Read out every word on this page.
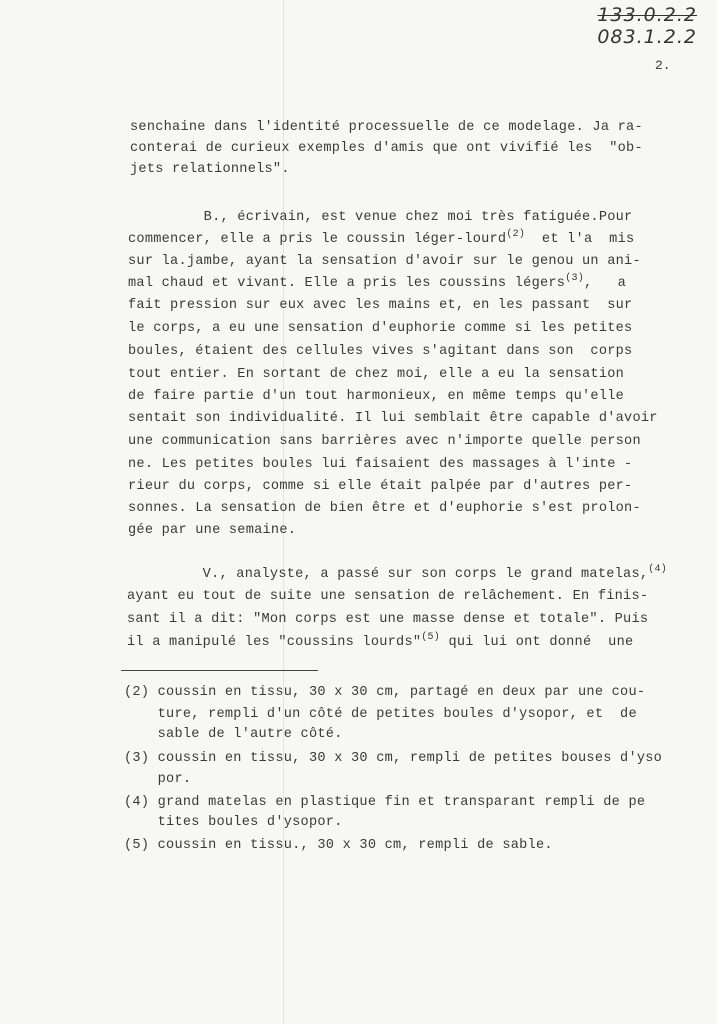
133.0.2.2
083.1.2.2
2.
senchaine dans l'identité processuelle de ce modelage. Ja ra-
conterai de curieux exemples d'amis que ont vivifié les  "ob-
jets relationnels".
B., écrivain, est venue chez moi très fatiguée.Pour
commencer, elle a pris le coussin léger-lourd$^{(2)}$  et l'a  mis
sur la.jambe, ayant la sensation d'avoir sur le genou un ani-
mal chaud et vivant. Elle a pris les coussins légers$^{(3)}$,   a
fait pression sur eux avec les mains et, en les passant  sur
le corps, a eu une sensation d'euphorie comme si les petites
boules, étaient des cellules vives s'agitant dans son  corps
tout entier. En sortant de chez moi, elle a eu la sensation
de faire partie d'un tout harmonieux, en même temps qu'elle
sentait son individualité. Il lui semblait être capable d'avoir
une communication sans barrières avec n'importe quelle person
ne. Les petites boules lui faisaient des massages à l'inte -
rieur du corps, comme si elle était palpée par d'autres per-
sonnes. La sensation de bien être et d'euphorie s'est prolon-
gée par une semaine.
V., analyste, a passé sur son corps le grand matelas,$^{(4)}$
ayant eu tout de suite une sensation de relâchement. En finis-
sant il a dit: "Mon corps est une masse dense et totale". Puis
il a manipulé les "coussins lourds"$^{(5)}$ qui lui ont donné  une
(2) coussin en tissu, 30 x 30 cm, partagé en deux par une cou-
ture, rempli d'un côté de petites boules d'ysopor, et  de
sable de l'autre côté.
(3) coussin en tissu, 30 x 30 cm, rempli de petites bouses d'yso
por.
(4) grand matelas en plastique fin et transparant rempli de pe
tites boules d'ysopor.
(5) coussin en tissu., 30 x 30 cm, rempli de sable.
